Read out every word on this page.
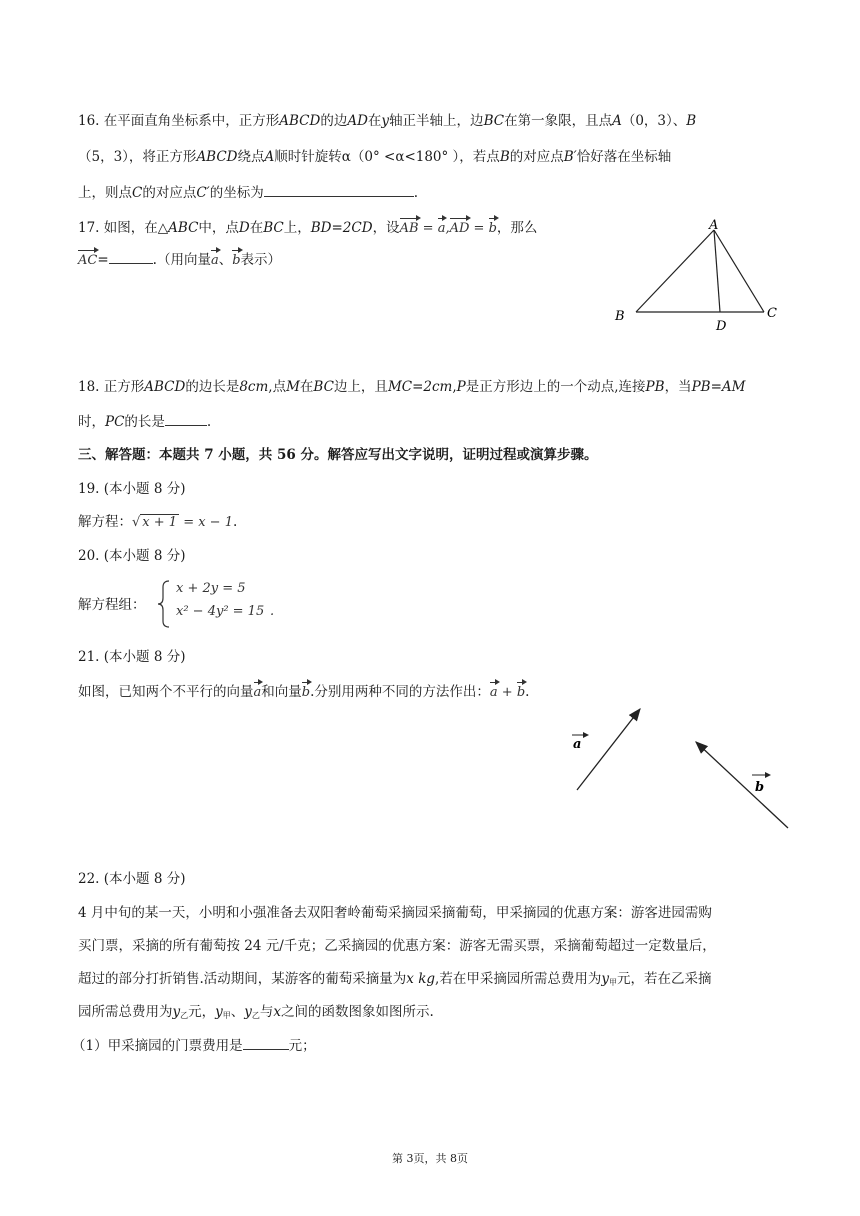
16. 在平面直角坐标系中，正方形ABCD的边AD在y轴正半轴上，边BC在第一象限，且点A（0，3）、B
（5，3），将正方形ABCD绕点A顺时针旋转α（0° <α<180° ），若点B的对应点B′恰好落在坐标轴
上，则点C的对应点C′的坐标为	.
17. 如图，在△ABC中，点D在BC上，BD=2CD，设AB = a,AD = b，那么
AC=	.（用向量a、b表示）
A
B	C
D
18. 正方形ABCD的边长是8cm,点M在BC边上，且MC=2cm,P是正方形边上的一个动点,连接PB，当PB=AM
时，PC的长是	.
三、解答题：本题共 7 小题，共 56 分。解答应写出文字说明，证明过程或演算步骤。
19. (本小题 8 分)
解方程：√ x + 1 = x − 1.
20. (本小题 8 分)
解方程组：
x + 2y = 5
x² − 4y² = 15 .
21. (本小题 8 分)
如图，已知两个不平行的向量a和向量b.分别用两种不同的方法作出：a + b.
a
b
22. (本小题 8 分)
4 月中旬的某一天，小明和小强准备去双阳奢岭葡萄采摘园采摘葡萄，甲采摘园的优惠方案：游客进园需购
买门票，采摘的所有葡萄按 24 元/千克；乙采摘园的优惠方案：游客无需买票，采摘葡萄超过一定数量后，
超过的部分打折销售.活动期间，某游客的葡萄采摘量为x kg,若在甲采摘园所需总费用为$y_甲$元，若在乙采摘
园所需总费用为$y_乙$元，$y_甲$、$y_乙$与x之间的函数图象如图所示.
（1）甲采摘园的门票费用是	元；
第 3页，共 8页
